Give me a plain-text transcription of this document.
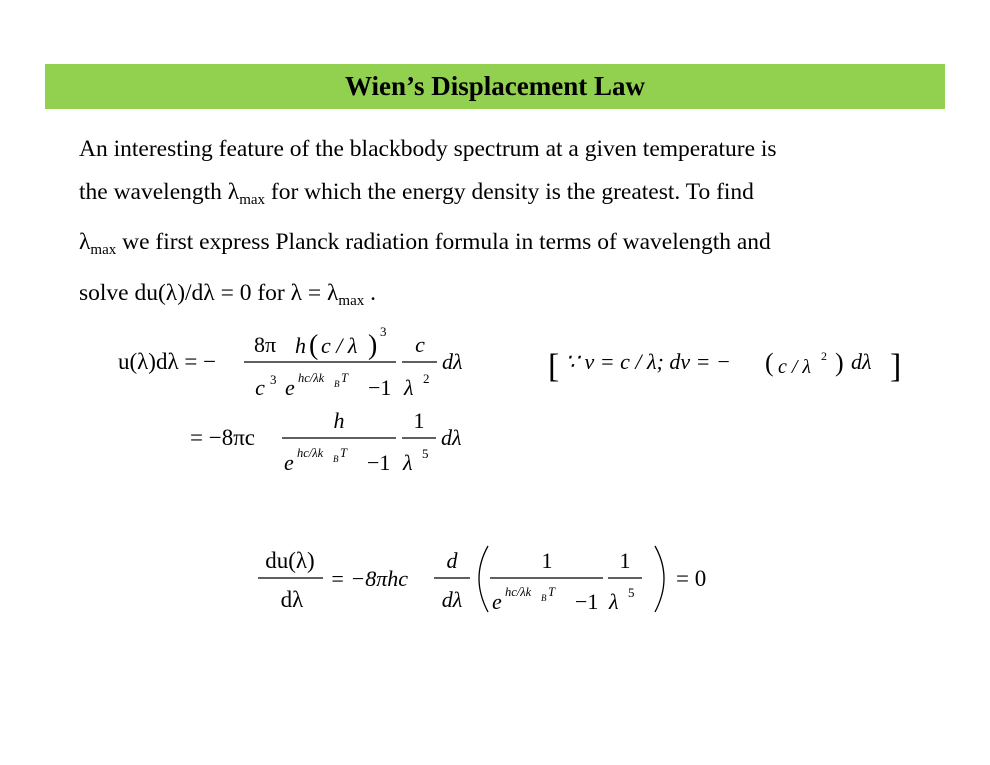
Wien’s Displacement Law
An interesting feature of the blackbody spectrum at a given temperature is
the wavelength $\lambda_{max}$ for which the energy density is the greatest. To find
$\lambda_{max}$ we first express Planck radiation formula in terms of wavelength and
solve du(λ)/dλ = 0 for $\lambda = \lambda_{max}$ .
u(λ)dλ = −
8π
c 3
h ( c / λ ) 3
e hc/λk B T −1
c
λ 2
dλ	[ ∵ ν = c / λ; dν = − ( c / λ 2 ) dλ ]
= −8πc
h
e hc/λk B T −1
1
λ 5
dλ
du(λ)
dλ
= −8πhc
d
dλ
1
e hc/λk B T −1
1
λ 5
= 0
